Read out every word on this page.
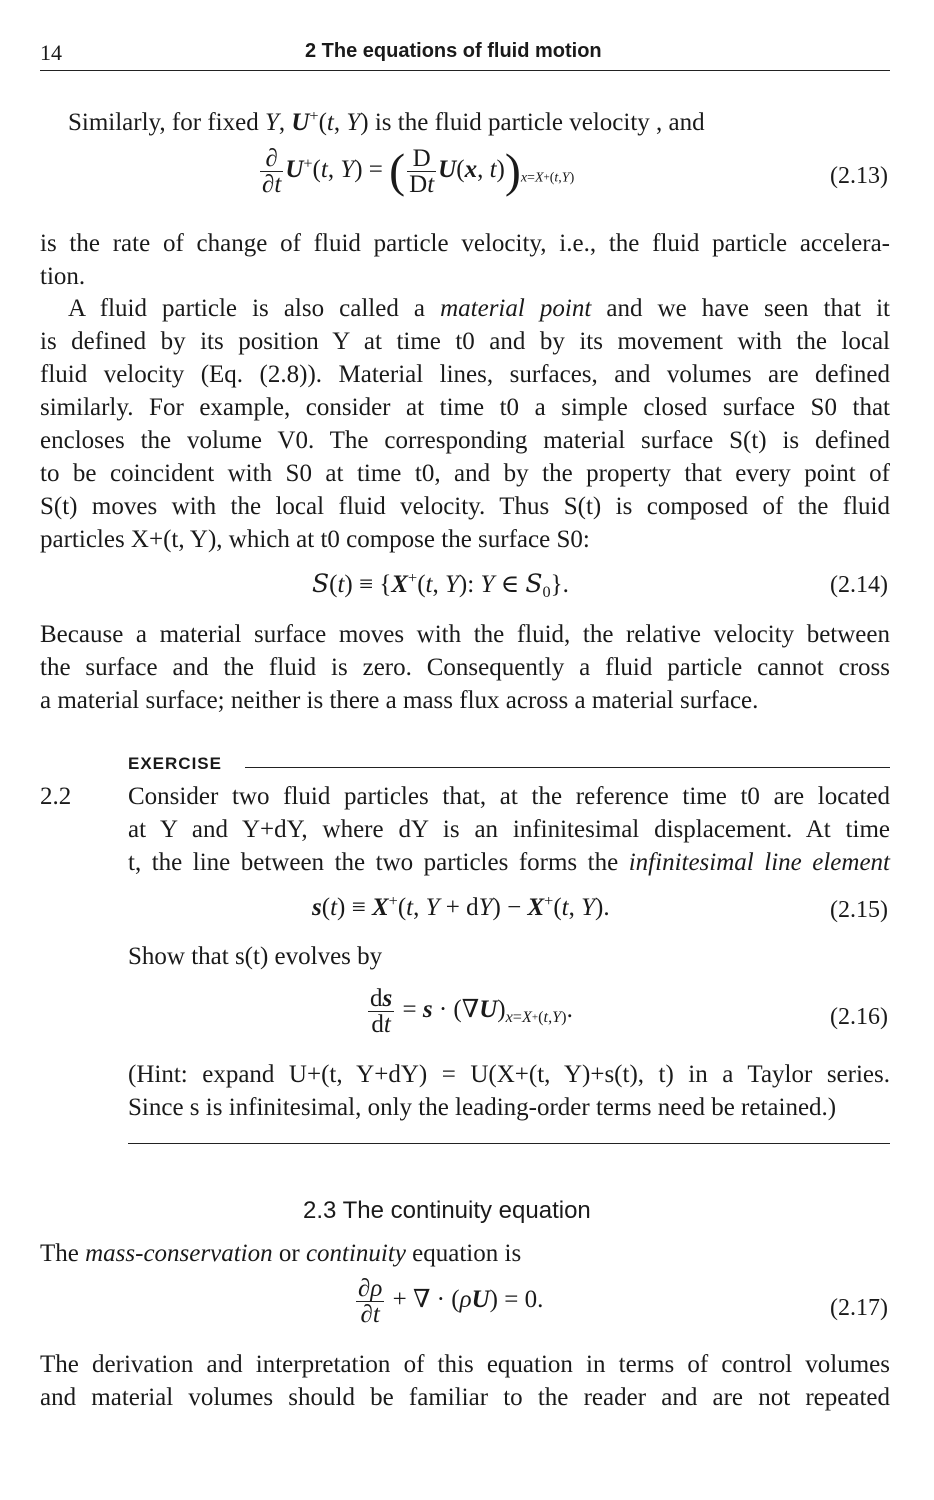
14	2 The equations of fluid motion
Similarly, for fixed Y, U+(t, Y) is the fluid particle velocity , and
$\frac{\partial}{\partial t} U^+(t$, Y) = ( $\frac{D}{Dt} U(x$, $t))_{x=X+(t,Y)}$	(2.13)
is the rate of change of fluid particle velocity, i.e., the fluid particle accelera-
tion.
A fluid particle is also called a material point and we have seen that it
is defined by its position Y at time t0 and by its movement with the local
fluid velocity (Eq. (2.8)). Material lines, surfaces, and volumes are defined
similarly. For example, consider at time t0 a simple closed surface S0 that
encloses the volume V0. The corresponding material surface S(t) is defined
to be coincident with S0 at time t0, and by the property that every point of
S(t) moves with the local fluid velocity. Thus S(t) is composed of the fluid
particles X+(t, Y), which at t0 compose the surface S0:
S(t) ≡ {X+(t, Y): Y ∈ $S_0$}.	(2.14)
Because a material surface moves with the fluid, the relative velocity between
the surface and the fluid is zero. Consequently a fluid particle cannot cross
a material surface; neither is there a mass flux across a material surface.
EXERCISE
2.2 Consider two fluid particles that, at the reference time t0 are located
at Y and Y+dY, where dY is an infinitesimal displacement. At time
t, the line between the two particles forms the infinitesimal line element
s(t) ≡ X+(t, Y + dY) − X+(t, Y).	(2.15)
Show that s(t) evolves by
$\frac{ds}{dt} = s \cdot (\nabla U)_{x=X+(t,Y)}$.	(2.16)
(Hint: expand U+(t, Y+dY) = U(X+(t, Y)+s(t), t) in a Taylor series.
Since s is infinitesimal, only the leading-order terms need be retained.)
2.3 The continuity equation
The mass-conservation or continuity equation is
$\frac{\partial\rho}{\partial t}$ + ∇ · (ρU) = 0.	(2.17)
The derivation and interpretation of this equation in terms of control volumes
and material volumes should be familiar to the reader and are not repeated
